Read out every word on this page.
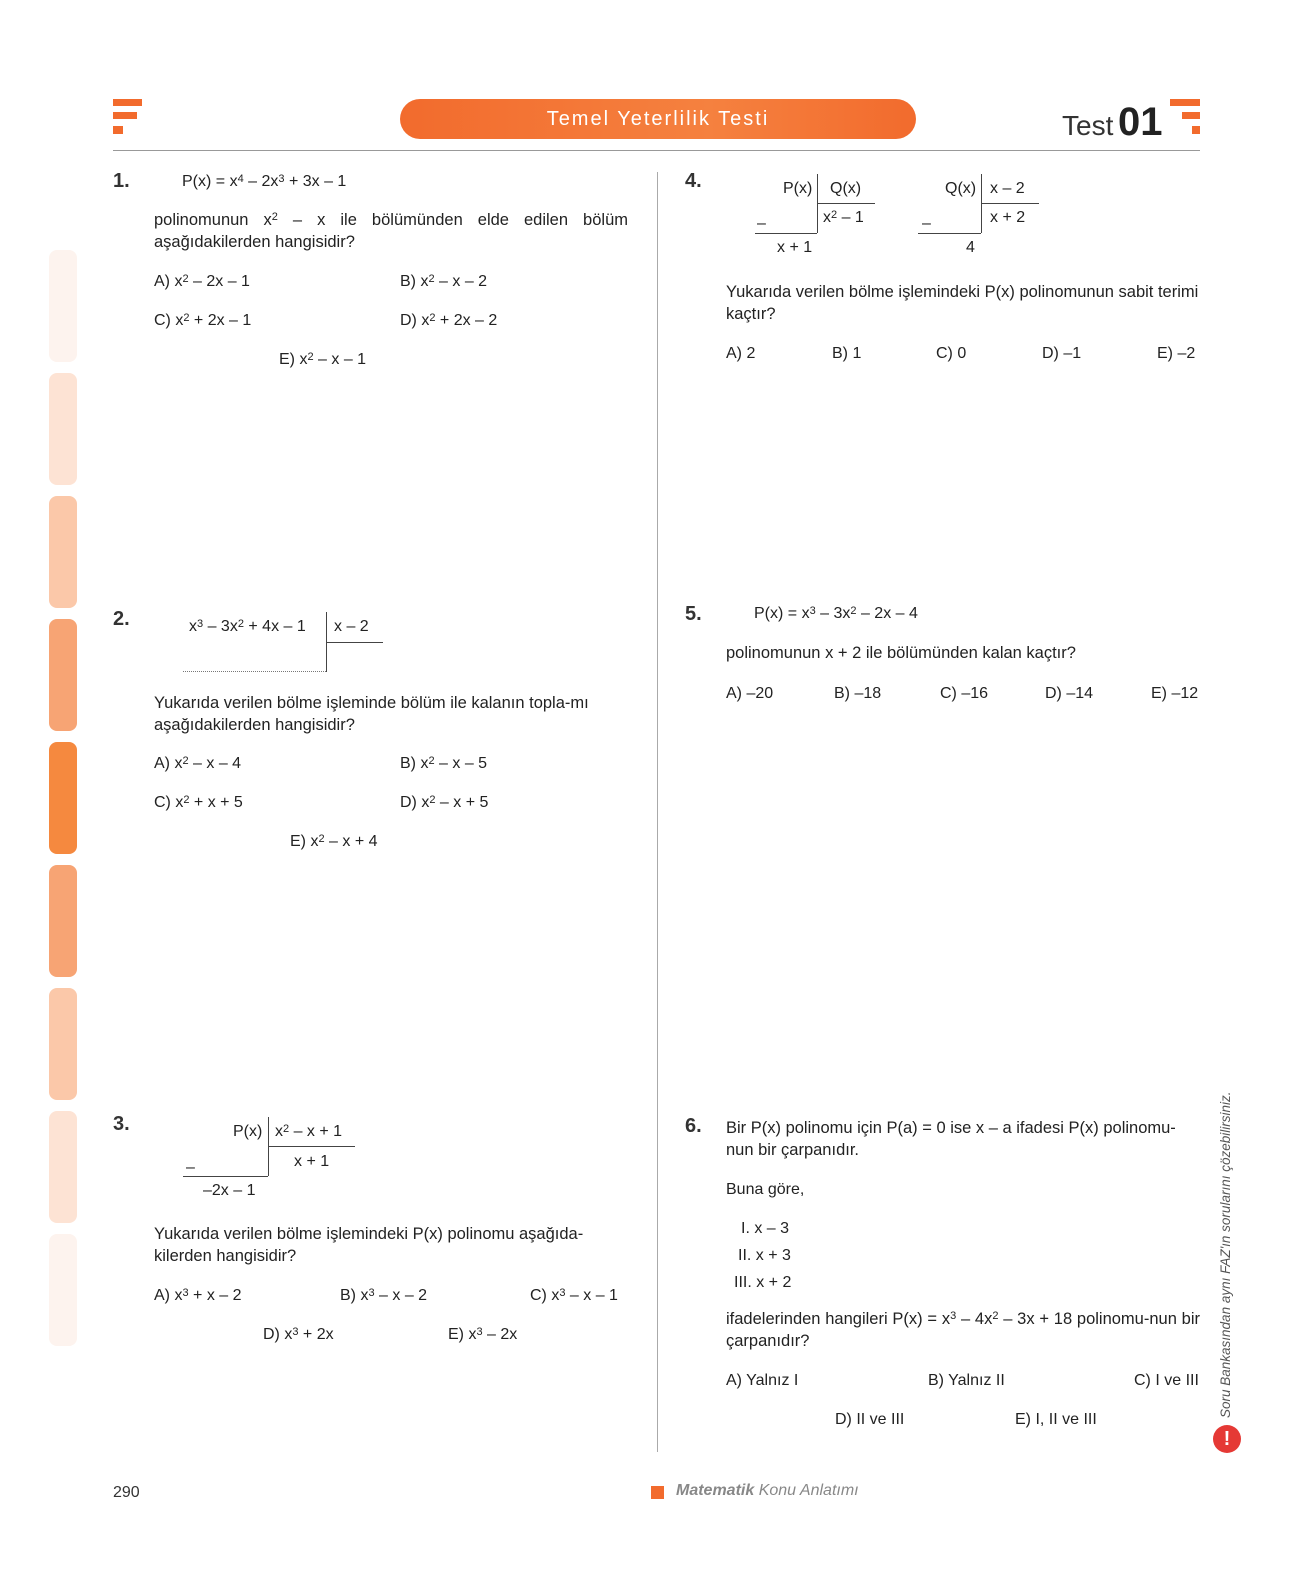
Temel Yeterlilik Testi	Test 01
1.	$P(x) = x^4 - 2x^3 + 3x - 1$
polinomunun $x^2$ – x ile bölümünden elde edilen bölüm aşağıdakilerden hangisidir?
A) $x^2 - 2x - 1$	B) $x^2$ – x – 2
C) $x^2 + 2x - 1$	D) $x^2 + 2x - 2$
E) $x^2$ – x – 1
2.	$x^3 - 3x^2 + 4x - 1$ x – 2
Yukarıda verilen bölme işleminde bölüm ile kalanın topla-mı aşağıdakilerden hangisidir?
A) $x^2$ – x – 4	B) $x^2$ – x – 5
C) $x^2 + x + 5$	D) $x^2 - x + 5$
E) $x^2 - x + 4$
3.	P(x) $x^2 - x + 1$
x + 1
–
–2x – 1
Yukarıda verilen bölme işlemindeki P(x) polinomu aşağıda-kilerden hangisidir?
A) $x^3 + x - 2$	B) $x^3$ – x – 2	C) $x^3$ – x – 1
D) $x^3 + 2x$	E) $x^3 - 2x$
4.	P(x) Q(x)
$x^2 - 1$
–
x + 1
Q(x) x – 2
x + 2
–
4
Yukarıda verilen bölme işlemindeki P(x) polinomunun sabit terimi kaçtır?
A) 2	B) 1	C) 0	D) –1	E) –2
5.	$P(x) = x^3 - 3x^2 - 2x - 4$
polinomunun x + 2 ile bölümünden kalan kaçtır?
A) –20	B) –18	C) –16	D) –14	E) –12
6. Bir P(x) polinomu için P(a) = 0 ise x – a ifadesi P(x) polinomu-nun bir çarpanıdır.
Buna göre,
I. x – 3
II. x + 3
III. x + 2
ifadelerinden hangileri $P(x) = x^3 - 4x^2 - 3x + 18$ polinomu-nun bir çarpanıdır?
A) Yalnız I	B) Yalnız II	C) I ve III
D) II ve III	E) I, II ve III
Soru Bankasından aynı FAZ'ın sorularını çözebilirsiniz.
!
290	Matematik Konu Anlatımı
